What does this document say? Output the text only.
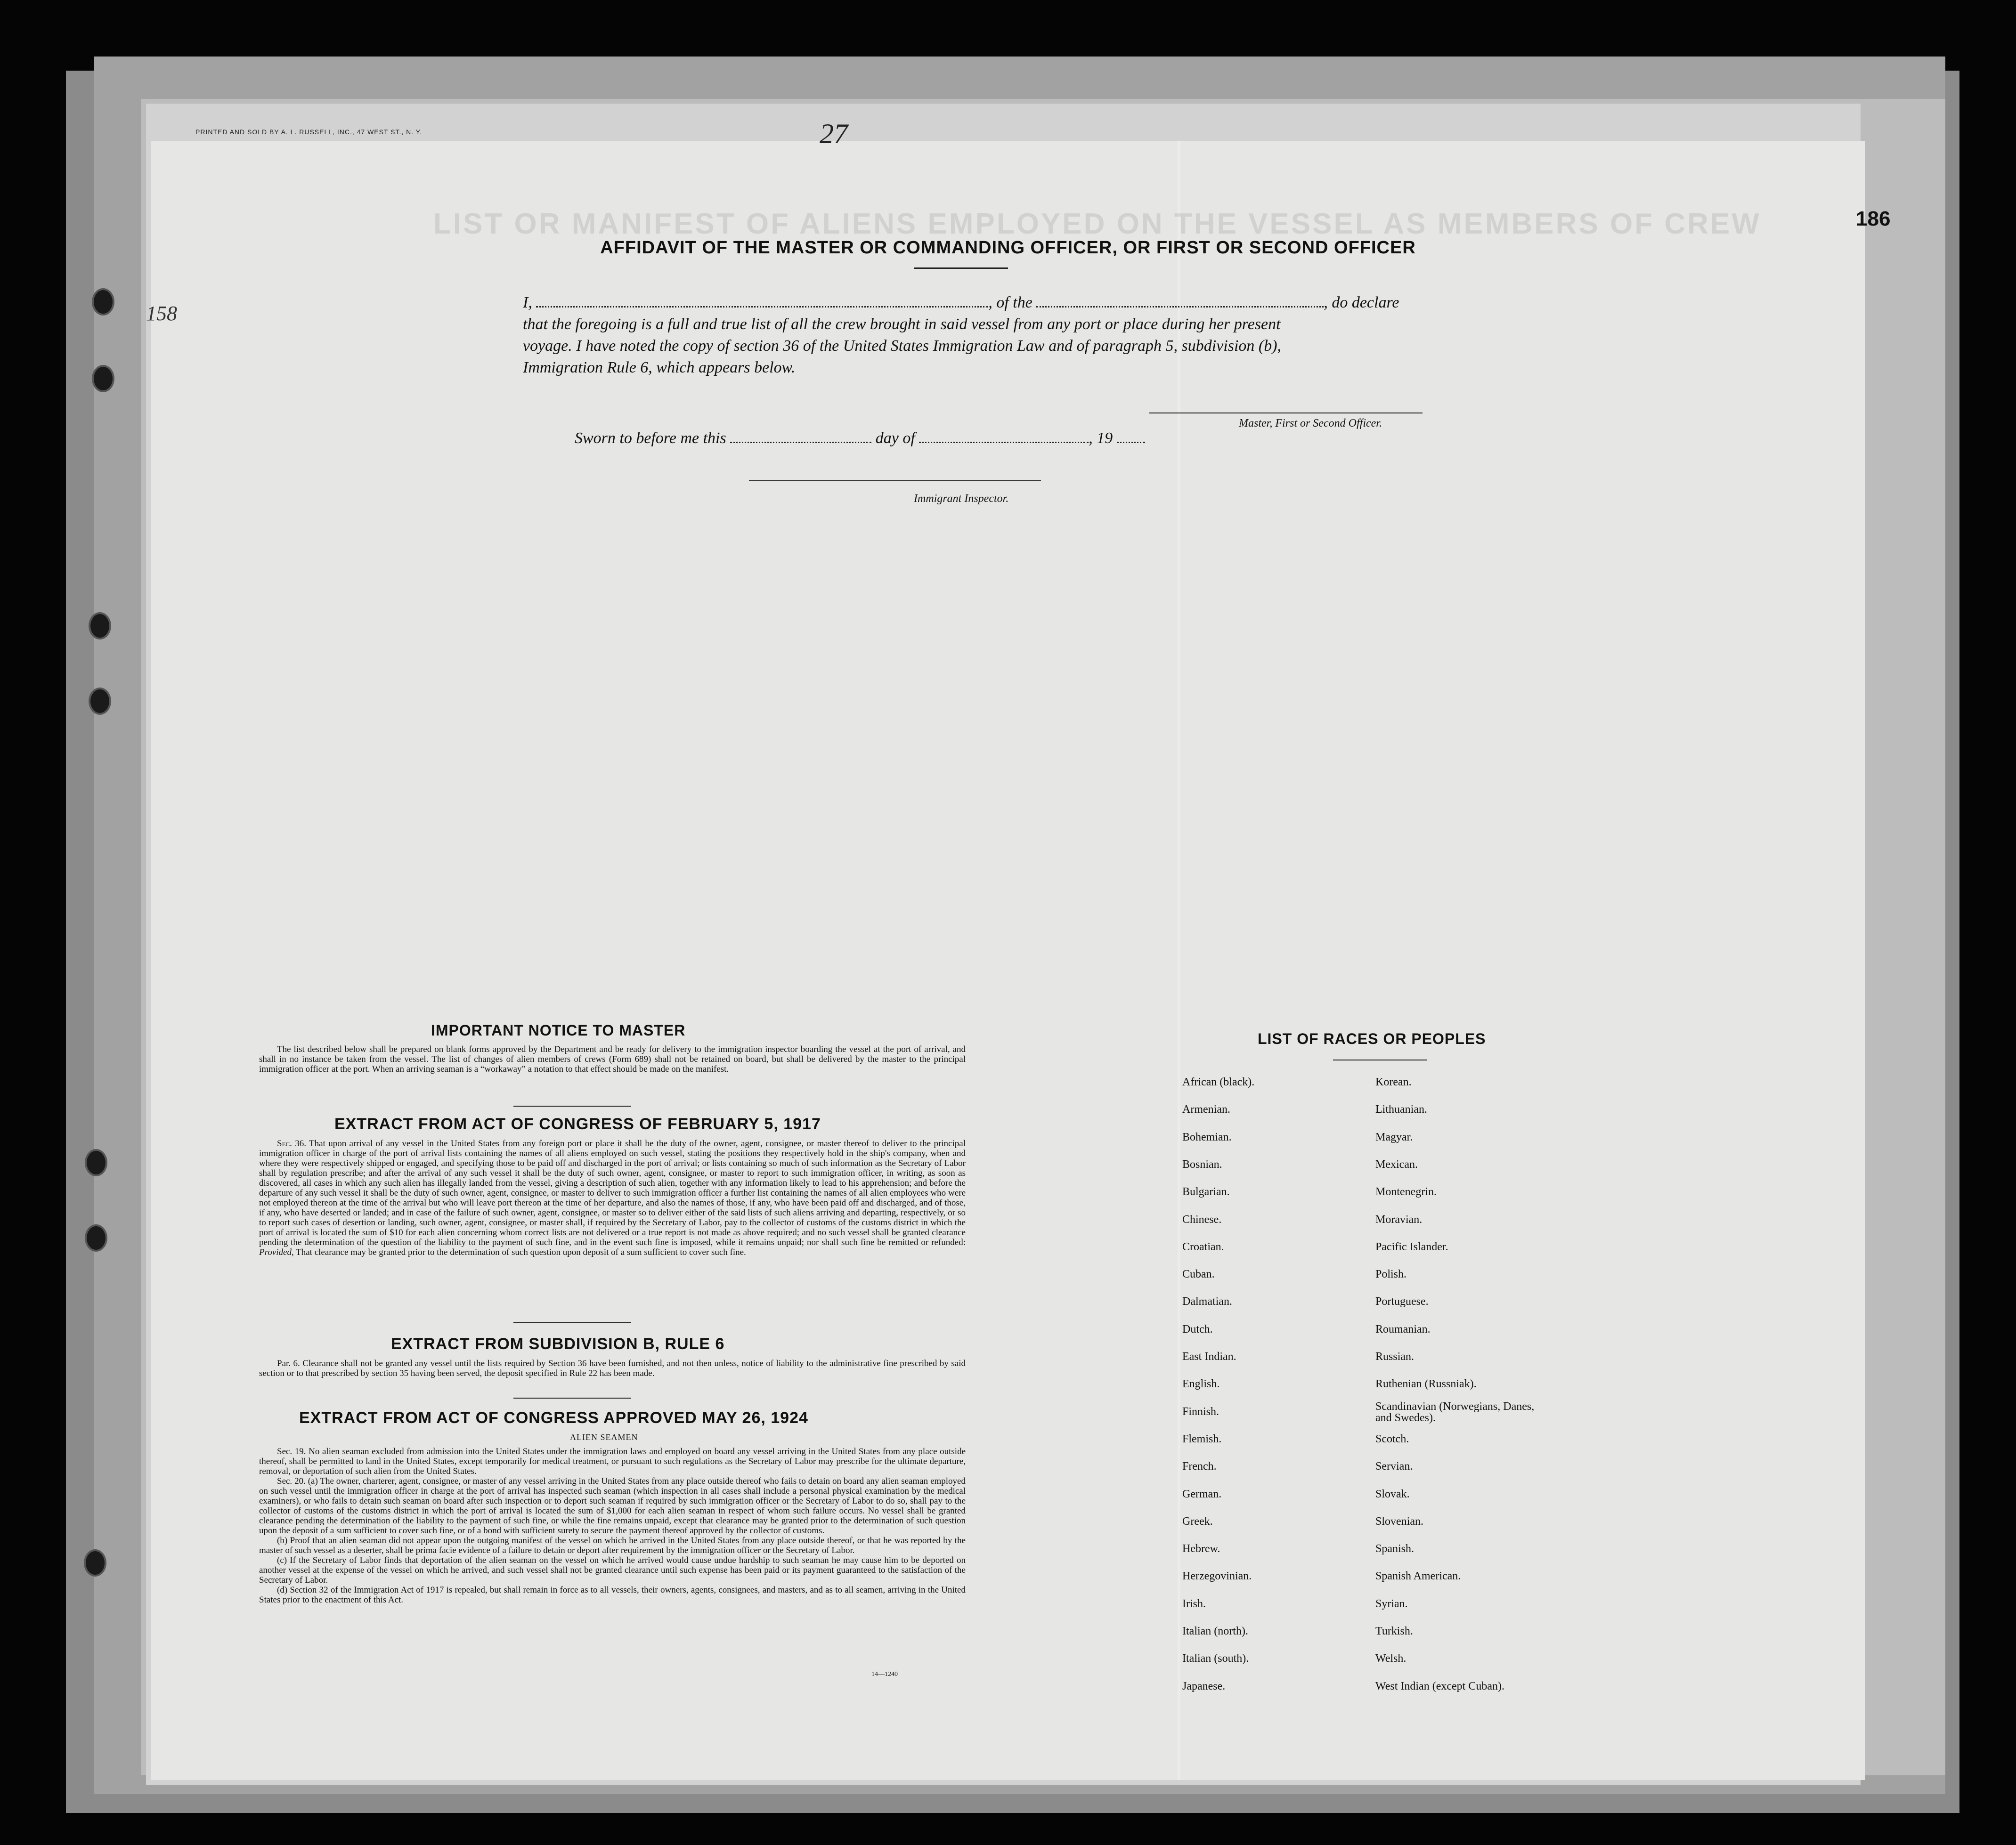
PRINTED AND SOLD BY A. L. RUSSELL, INC., 47 WEST ST., N. Y.	27
186
158
LIST OR MANIFEST OF ALIENS EMPLOYED ON THE VESSEL AS MEMBERS OF CREW
AFFIDAVIT OF THE MASTER OR COMMANDING OFFICER, OR FIRST OR SECOND OFFICER
I,	, of the	, do declare
that the foregoing is a full and true list of all the crew brought in said vessel from any port or place during her present
voyage. I have noted the copy of section 36 of the United States Immigration Law and of paragraph 5, subdivision (b),
Immigration Rule 6, which appears below.
Master, First or Second Officer.
Sworn to before me this	day of	, 19
Immigrant Inspector.
IMPORTANT NOTICE TO MASTER

The list described below shall be prepared on blank forms approved by the Department and be ready for delivery to the immigration inspector boarding the vessel at the port of arrival, and shall in no instance be taken from the vessel. The list of changes of alien members of crews (Form 689) shall not be retained on board, but shall be delivered by the master to the principal immigration officer at the port. When an arriving seaman is a “workaway” a notation to that effect should be made on the manifest.

EXTRACT FROM ACT OF CONGRESS OF FEBRUARY 5, 1917

Sec. 36. That upon arrival of any vessel in the United States from any foreign port or place it shall be the duty of the owner, agent, consignee, or master thereof to deliver to the principal immigration officer in charge of the port of arrival lists containing the names of all aliens employed on such vessel, stating the positions they respectively hold in the ship's company, when and where they were respectively shipped or engaged, and specifying those to be paid off and discharged in the port of arrival; or lists containing so much of such information as the Secretary of Labor shall by regulation prescribe; and after the arrival of any such vessel it shall be the duty of such owner, agent, consignee, or master to report to such immigration officer, in writing, as soon as discovered, all cases in which any such alien has illegally landed from the vessel, giving a description of such alien, together with any information likely to lead to his apprehension; and before the departure of any such vessel it shall be the duty of such owner, agent, consignee, or master to deliver to such immigration officer a further list containing the names of all alien employees who were not employed thereon at the time of the arrival but who will leave port thereon at the time of her departure, and also the names of those, if any, who have been paid off and discharged, and of those, if any, who have deserted or landed; and in case of the failure of such owner, agent, consignee, or master so to deliver either of the said lists of such aliens arriving and departing, respectively, or so to report such cases of desertion or landing, such owner, agent, consignee, or master shall, if required by the Secretary of Labor, pay to the collector of customs of the customs district in which the port of arrival is located the sum of $10 for each alien concerning whom correct lists are not delivered or a true report is not made as above required; and no such vessel shall be granted clearance pending the determination of the question of the liability to the payment of such fine, and in the event such fine is imposed, while it remains unpaid; nor shall such fine be remitted or refunded: Provided, That clearance may be granted prior to the determination of such question upon deposit of a sum sufficient to cover such fine.

EXTRACT FROM SUBDIVISION B, RULE 6

Par. 6. Clearance shall not be granted any vessel until the lists required by Section 36 have been furnished, and not then unless, notice of liability to the administrative fine prescribed by said section or to that prescribed by section 35 having been served, the deposit specified in Rule 22 has been made.

EXTRACT FROM ACT OF CONGRESS APPROVED MAY 26, 1924
ALIEN SEAMEN

Sec. 19. No alien seaman excluded from admission into the United States under the immigration laws and employed on board any vessel arriving in the United States from any place outside thereof, shall be permitted to land in the United States, except temporarily for medical treatment, or pursuant to such regulations as the Secretary of Labor may prescribe for the ultimate departure, removal, or deportation of such alien from the United States.

Sec. 20. (a) The owner, charterer, agent, consignee, or master of any vessel arriving in the United States from any place outside thereof who fails to detain on board any alien seaman employed on such vessel until the immigration officer in charge at the port of arrival has inspected such seaman (which inspection in all cases shall include a personal physical examination by the medical examiners), or who fails to detain such seaman on board after such inspection or to deport such seaman if required by such immigration officer or the Secretary of Labor to do so, shall pay to the collector of customs of the customs district in which the port of arrival is located the sum of $1,000 for each alien seaman in respect of whom such failure occurs. No vessel shall be granted clearance pending the determination of the liability to the payment of such fine, or while the fine remains unpaid, except that clearance may be granted prior to the determination of such question upon the deposit of a sum sufficient to cover such fine, or of a bond with sufficient surety to secure the payment thereof approved by the collector of customs.

(b) Proof that an alien seaman did not appear upon the outgoing manifest of the vessel on which he arrived in the United States from any place outside thereof, or that he was reported by the master of such vessel as a deserter, shall be prima facie evidence of a failure to detain or deport after requirement by the immigration officer or the Secretary of Labor.

(c) If the Secretary of Labor finds that deportation of the alien seaman on the vessel on which he arrived would cause undue hardship to such seaman he may cause him to be deported on another vessel at the expense of the vessel on which he arrived, and such vessel shall not be granted clearance until such expense has been paid or its payment guaranteed to the satisfaction of the Secretary of Labor.

(d) Section 32 of the Immigration Act of 1917 is repealed, but shall remain in force as to all vessels, their owners, agents, consignees, and masters, and as to all seamen, arriving in the United States prior to the enactment of this Act.

14—1240
LIST OF RACES OR PEOPLES
African (black).
Armenian.
Bohemian.
Bosnian.
Bulgarian.
Chinese.
Croatian.
Cuban.
Dalmatian.
Dutch.
East Indian.
English.
Finnish.
Flemish.
French.
German.
Greek.
Hebrew.
Herzegovinian.
Irish.
Italian (north).
Italian (south).
Japanese.
Korean.
Lithuanian.
Magyar.
Mexican.
Montenegrin.
Moravian.
Pacific Islander.
Polish.
Portuguese.
Roumanian.
Russian.
Ruthenian (Russniak).
Scandinavian (Norwegians, Danes, and Swedes).
Scotch.
Servian.
Slovak.
Slovenian.
Spanish.
Spanish American.
Syrian.
Turkish.
Welsh.
West Indian (except Cuban).
